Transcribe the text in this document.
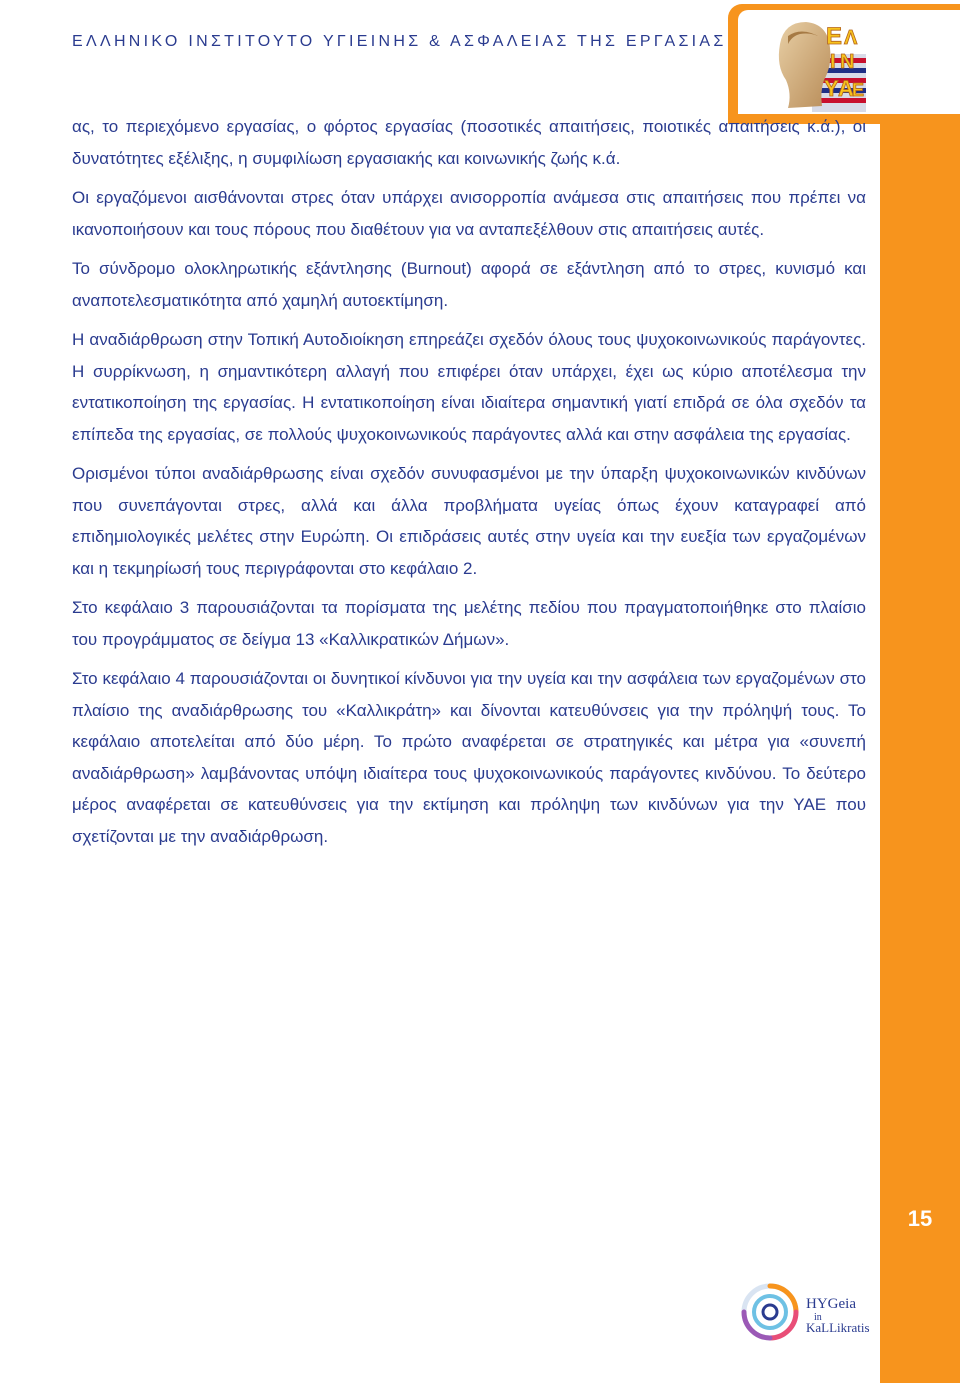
ΕΛΛΗΝΙΚΟ ΙΝΣΤΙΤΟΥΤΟ ΥΓΙΕΙΝΗΣ & ΑΣΦΑΛΕΙΑΣ ΤΗΣ ΕΡΓΑΣΙΑΣ	Ε Λ
Ι Ν
Υ Α
Ε
15

ας, το περιεχόμενο εργασίας, ο φόρτος εργασίας (ποσοτικές απαιτήσεις, ποιοτικές απαιτήσεις κ.ά.), οι δυνατότητες εξέλιξης, η συμφιλίωση εργασιακής και κοινωνικής ζωής κ.ά.

Οι εργαζόμενοι αισθάνονται στρες όταν υπάρχει ανισορροπία ανάμεσα στις απαιτήσεις που πρέπει να ικανοποιήσουν και τους πόρους που διαθέτουν για να ανταπεξέλθουν στις απαιτήσεις αυτές.

Το σύνδρομο ολοκληρωτικής εξάντλησης (Burnout) αφορά σε εξάντληση από το στρες, κυνισμό και αναποτελεσματικότητα από χαμηλή αυτοεκτίμηση.

Η αναδιάρθρωση στην Τοπική Αυτοδιοίκηση επηρεάζει σχεδόν όλους τους ψυχοκοινωνικούς παράγοντες. Η συρρίκνωση, η σημαντικότερη αλλαγή που επιφέρει όταν υπάρχει, έχει ως κύριο αποτέλεσμα την εντατικοποίηση της εργασίας. Η εντατικοποίηση είναι ιδιαίτερα σημαντική γιατί επιδρά σε όλα σχεδόν τα επίπεδα της εργασίας, σε πολλούς ψυχοκοινωνικούς παράγοντες αλλά και στην ασφάλεια της εργασίας.

Ορισμένοι τύποι αναδιάρθρωσης είναι σχεδόν συνυφασμένοι με την ύπαρξη ψυχοκοινωνικών κινδύνων που συνεπάγονται στρες, αλλά και άλλα προβλήματα υγείας όπως έχουν καταγραφεί από επιδημιολογικές μελέτες στην Ευρώπη. Οι επιδράσεις αυτές στην υγεία και την ευεξία των εργαζομένων και η τεκμηρίωσή τους περιγράφονται στο κεφάλαιο 2.

Στο κεφάλαιο 3 παρουσιάζονται τα πορίσματα της μελέτης πεδίου που πραγματοποιήθηκε στο πλαίσιο του προγράμματος σε δείγμα 13 «Καλλικρατικών Δήμων».

Στο κεφάλαιο 4 παρουσιάζονται οι δυνητικοί κίνδυνοι για την υγεία και την ασφάλεια των εργαζομένων στο πλαίσιο της αναδιάρθρωσης του «Καλλικράτη» και δίνονται κατευθύνσεις για την πρόληψή τους. Το κεφάλαιο αποτελείται από δύο μέρη. Το πρώτο αναφέρεται σε στρατηγικές και μέτρα για «συνεπή αναδιάρθρωση» λαμβάνοντας υπόψη ιδιαίτερα τους ψυχοκοινωνικούς παράγοντες κινδύνου. Το δεύτερο μέρος αναφέρεται σε κατευθύνσεις για την εκτίμηση και πρόληψη των κινδύνων για την ΥΑΕ που σχετίζονται με την αναδιάρθρωση.

HYGeia
in
KaLLikratis
